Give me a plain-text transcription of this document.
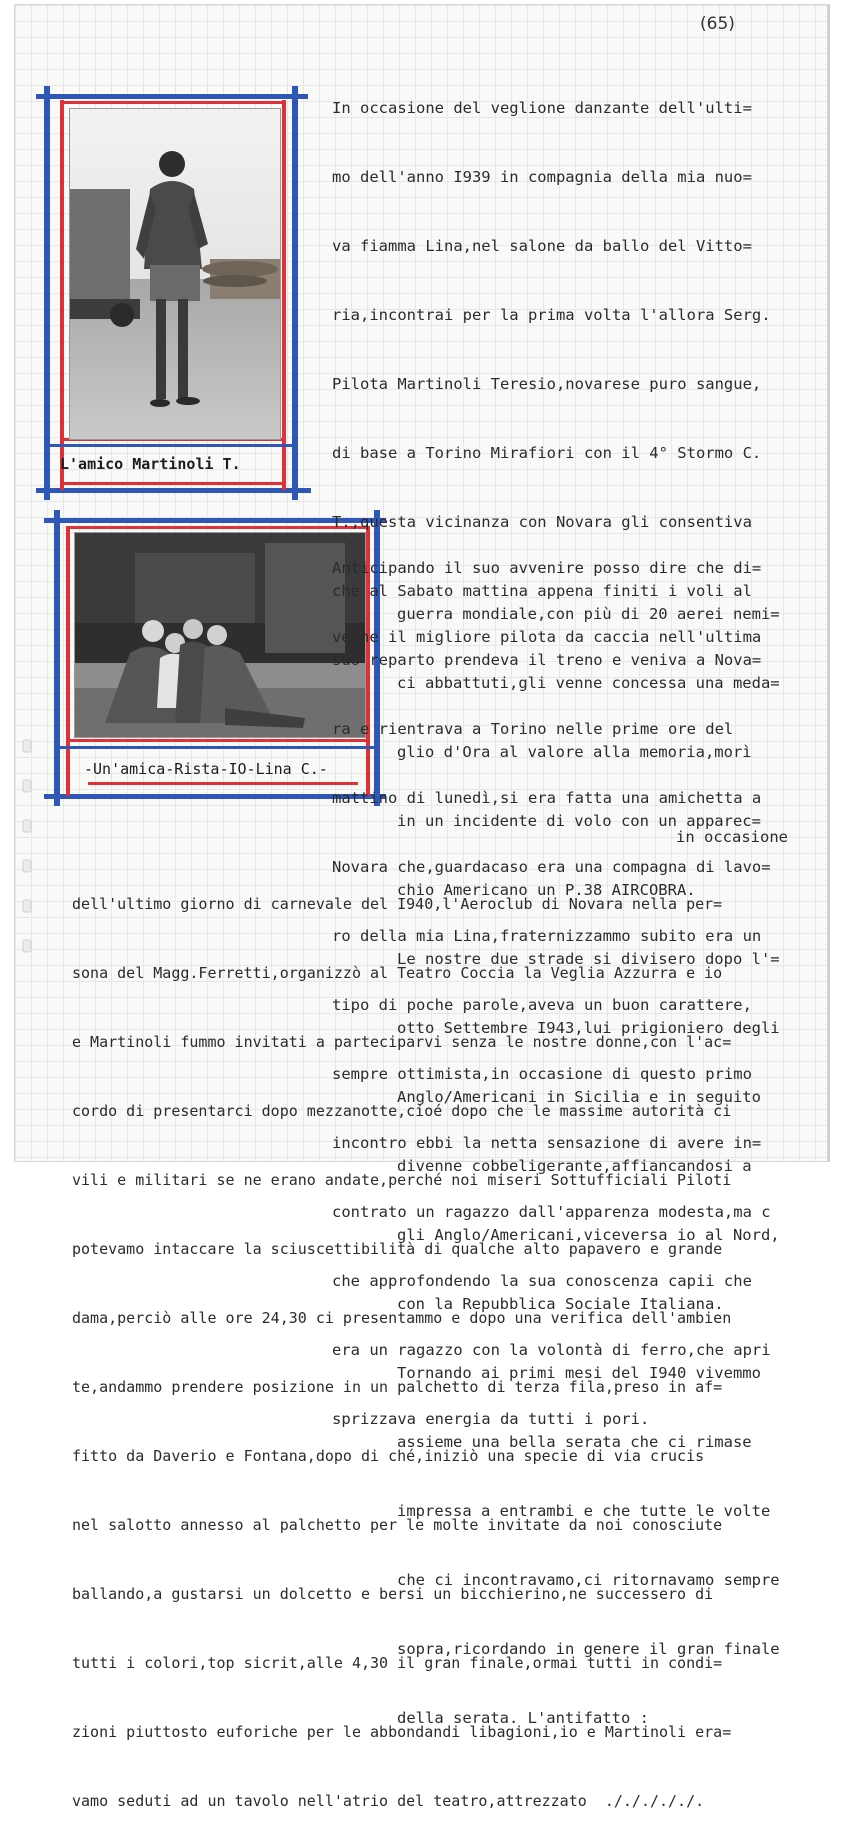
(65)
L'amico Martinoli T.
-Un'amica-Rista-IO-Lina C.-

In occasione del veglione danzante dell'ulti=

mo dell'anno I939 in compagnia della mia nuo=

va fiamma Lina,nel salone da ballo del Vitto=

ria,incontrai per la prima volta l'allora Serg.

Pilota Martinoli Teresio,novarese puro sangue,

di base a Torino Mirafiori con il 4° Stormo C.

T.,questa vicinanza con Novara gli consentiva

che al Sabato mattina appena finiti i voli al

suo reparto prendeva il treno e veniva a Nova=

ra e rientrava a Torino nelle prime ore del

mattino di lunedì,si era fatta una amichetta a

Novara che,guardacaso era una compagna di lavo=

ro della mia Lina,fraternizzammo subito era un

tipo di poche parole,aveva un buon carattere,

sempre ottimista,in occasione di questo primo

incontro ebbi la netta sensazione di avere in=

contrato un ragazzo dall'apparenza modesta,ma c

che approfondendo la sua conoscenza capii che

era un ragazzo con la volontà di ferro,che apri

sprizzava energia da tutti i pori.

Anticipando il suo avvenire posso dire che di=

venne il migliore pilota da caccia nell'ultima

guerra mondiale,con più di 20 aerei nemi=

ci abbattuti,gli venne concessa una meda=

glio d'Ora al valore alla memoria,morì

in un incidente di volo con un apparec=

chio Americano un P.38 AIRCOBRA.

Le nostre due strade si divisero dopo l'=

otto Settembre I943,lui prigioniero degli

Anglo/Americani in Sicilia e in seguito

divenne cobbeligerante,affiancandosi a

gli Anglo/Americani,viceversa io al Nord,

con la Repubblica Sociale Italiana.

Tornando ai primi mesi del I940 vivemmo

assieme una bella serata che ci rimase

impressa a entrambi e che tutte le volte

che ci incontravamo,ci ritornavamo sempre

sopra,ricordando in genere il gran finale

della serata. L'antifatto :

in occasione

dell'ultimo giorno di carnevale del I940,l'Aeroclub di Novara nella per=

sona del Magg.Ferretti,organizzò al Teatro Coccia la Veglia Azzurra e io

e Martinoli fummo invitati a parteciparvi senza le nostre donne,con l'ac=

cordo di presentarci dopo mezzanotte,cioé dopo che le massime autorità ci

vili e militari se ne erano andate,perché noi miseri Sottufficiali Piloti

potevamo intaccare la sciuscettibilità di qualche alto papavero e grande

dama,perciò alle ore 24,30 ci presentammo e dopo una verifica dell'ambien

te,andammo prendere posizione in un palchetto di terza fila,preso in af=

fitto da Daverio e Fontana,dopo di ché,iniziò una specie di via crucis

nel salotto annesso al palchetto per le molte invitate da noi conosciute

ballando,a gustarsi un dolcetto e bersi un bicchierino,ne successero di

tutti i colori,top sicrit,alle 4,30 il gran finale,ormai tutti in condi=

zioni piuttosto euforiche per le abbondandi libagioni,io e Martinoli era=

vamo seduti ad un tavolo nell'atrio del teatro,attrezzato  ./././././.
